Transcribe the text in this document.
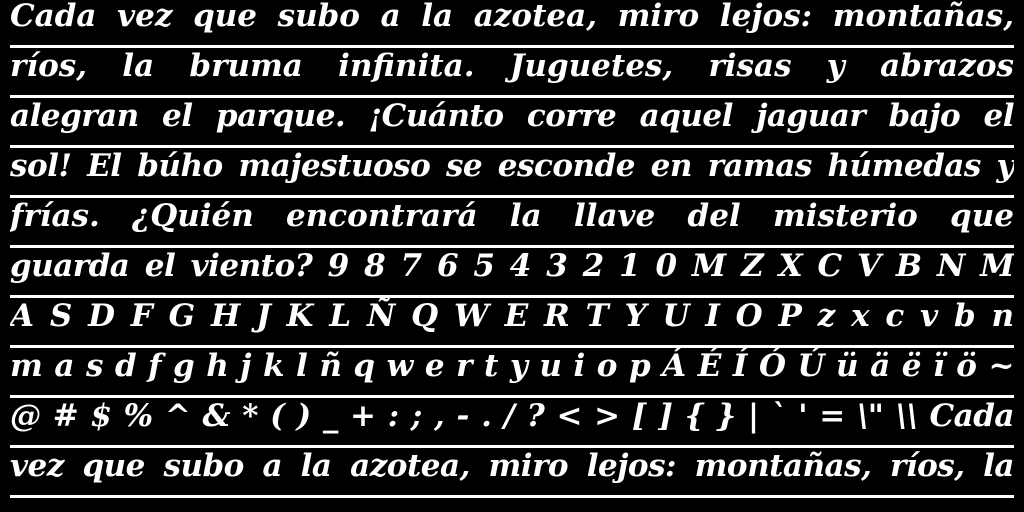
Cada vez que subo a la azotea, miro lejos: montañas,
ríos, la bruma infinita. Juguetes, risas y abrazos
alegran el parque. ¡Cuánto corre aquel jaguar bajo el
sol! El búho majestuoso se esconde en ramas húmedas y
frías. ¿Quién encontrará la llave del misterio que
guarda el viento? 9 8 7 6 5 4 3 2 1 0 M Z X C V B N M
A S D F G H J K L Ñ Q W E R T Y U I O P z x c v b n
m a s d f g h j k l ñ q w e r t y u i o p Á É Í Ó Ú ü ä ë ï ö ~
@ # $ % ^ & * ( ) _ + : ; , - . / ? < > [ ] { } | ` ' = \" \\ Cada
vez que subo a la azotea, miro lejos: montañas, ríos, la
